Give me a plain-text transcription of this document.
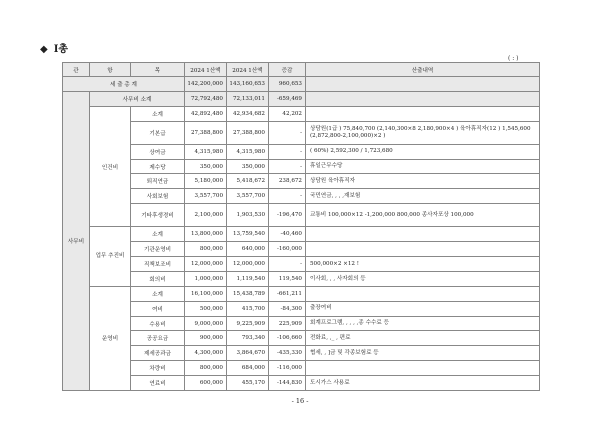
◆ I총
( : )
관	항	목	2024 1산액	2024 1산액	증감	산출내역
세 출 총 계			142,200,000	143,160,653	960,653	
사무비	사무비 소계		72,792,480	72,133,011	-659,469	
	인건비	소계	42,892,480	42,934,682	42,202	
		기본급	27,388,800	27,388,800	-	상담원(1급 ) 75,840,700 (2,140,300×8 2,180,900×4 ) 육아휴직자(12 ) 1,545,600 (2,872,800-2,100,000)×2 )
		상여금	4,315,980	4,315,980	-	( 60%) 2,592,300 / 1,723,680
		제수당	350,000	350,000	-	휴일근무수당
		퇴직연금	5,180,000	5,418,672	238,672	상담원 육아휴직자
		사회보험	3,557,700	3,557,700	-	국민연금, , , ,재보험
		기타후생경비	2,100,000	1,903,530	-196,470	교통비 100,000×12 -1,200,000 800,000 종사자포상 100,000
	업무 추진비	소계	13,800,000	13,759,540	-40,460	
		기관운영비	800,000	640,000	-160,000	
		직책보조비	12,000,000	12,000,000	-	500,000×2 ×12 !
		회의비	1,000,000	1,119,540	119,540	이사회, , , 사자회의 등
	운영비	소계	16,100,000	15,438,789	-661,211	
		여비	500,000	415,700	-84,300	출장여비
		수용비	9,000,000	9,225,909	225,909	회계프로그램, , , , ,종 수수료 등
		공공요금	900,000	793,340	-106,660	전화료, ,_ , 편료
		제세공과금	4,300,000	3,864,670	-435,330	협세, , ]금 및 각종보험료 등
		차량비	800,000	684,000	-116,000	
		연료비	600,000	455,170	-144,830	도시가스 사용료
- 16 -
